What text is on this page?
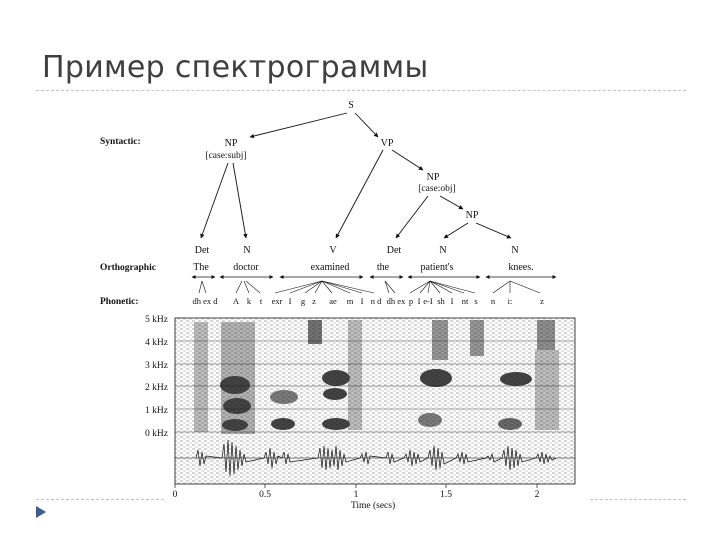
Пример спектрограммы
Syntactic:
Orthographic
Phonetic:
S
NP
[case:subj]
VP
NP
[case:obj]
NP
Det	N	V	Det	N	N
The doctor	examined	the	patient's	knees.
dh ex d A k t exr I g z ae m I n d dh ex p I e-I sh I nt s n i:	z
5 kHz
4 kHz
3 kHz
2 kHz
1 kHz
0 kHz
0	0.5	1	1.5	2
Time (secs)
